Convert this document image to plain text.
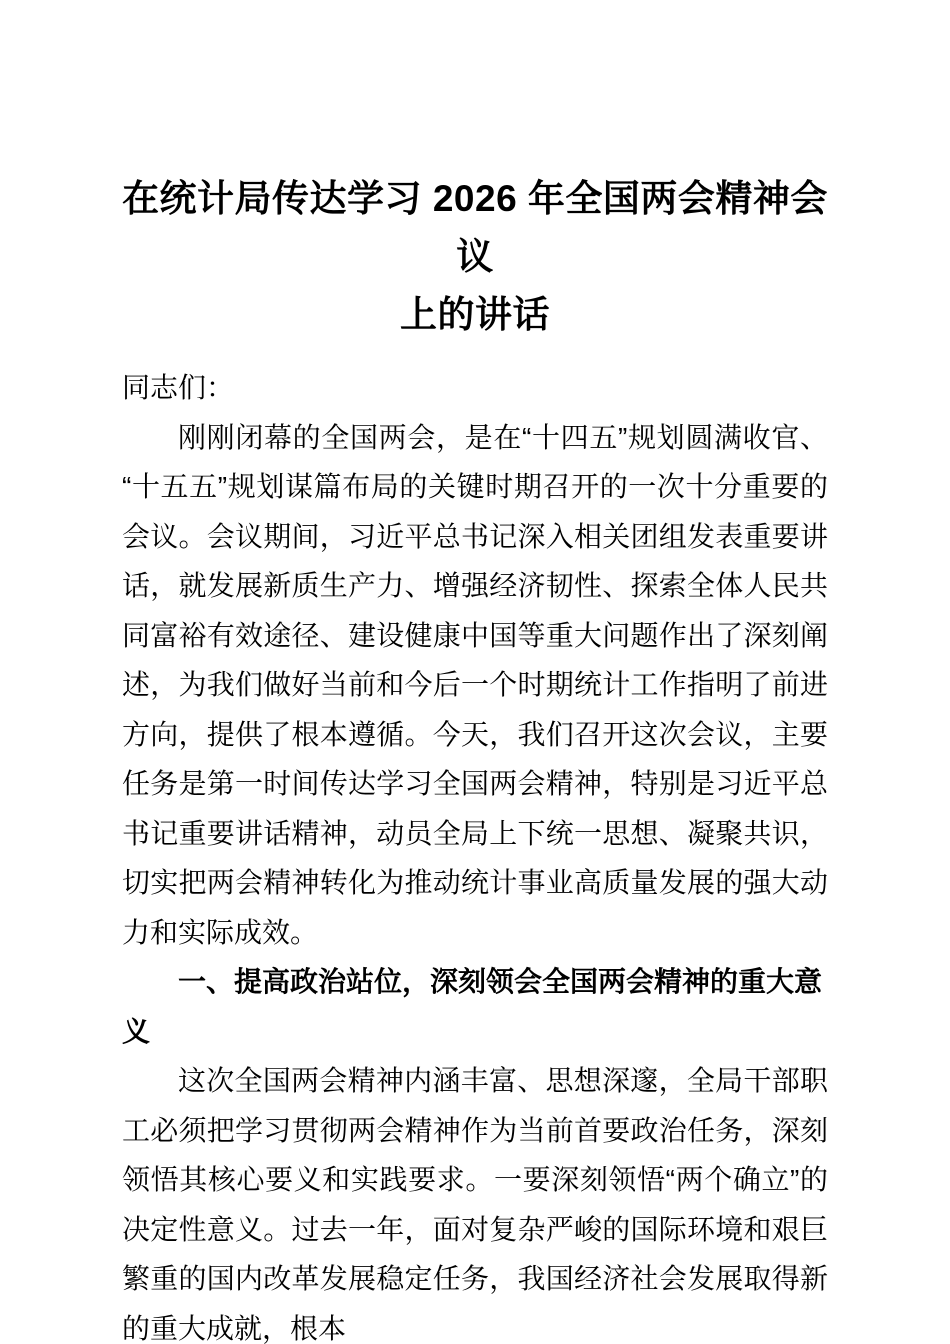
在统计局传达学习 2026 年全国两会精神会议
上的讲话

同志们：

刚刚闭幕的全国两会，是在“十四五”规划圆满收官、“十五五”规划谋篇布局的关键时期召开的一次十分重要的会议。会议期间，习近平总书记深入相关团组发表重要讲话，就发展新质生产力、增强经济韧性、探索全体人民共同富裕有效途径、建设健康中国等重大问题作出了深刻阐述，为我们做好当前和今后一个时期统计工作指明了前进方向，提供了根本遵循。今天，我们召开这次会议，主要任务是第一时间传达学习全国两会精神，特别是习近平总书记重要讲话精神，动员全局上下统一思想、凝聚共识，切实把两会精神转化为推动统计事业高质量发展的强大动力和实际成效。

一、提高政治站位，深刻领会全国两会精神的重大意义

这次全国两会精神内涵丰富、思想深邃，全局干部职工必须把学习贯彻两会精神作为当前首要政治任务，深刻领悟其核心要义和实践要求。一要深刻领悟“两个确立”的决定性意义。过去一年，面对复杂严峻的国际环境和艰巨繁重的国内改革发展稳定任务，我国经济社会发展取得新的重大成就，根本
